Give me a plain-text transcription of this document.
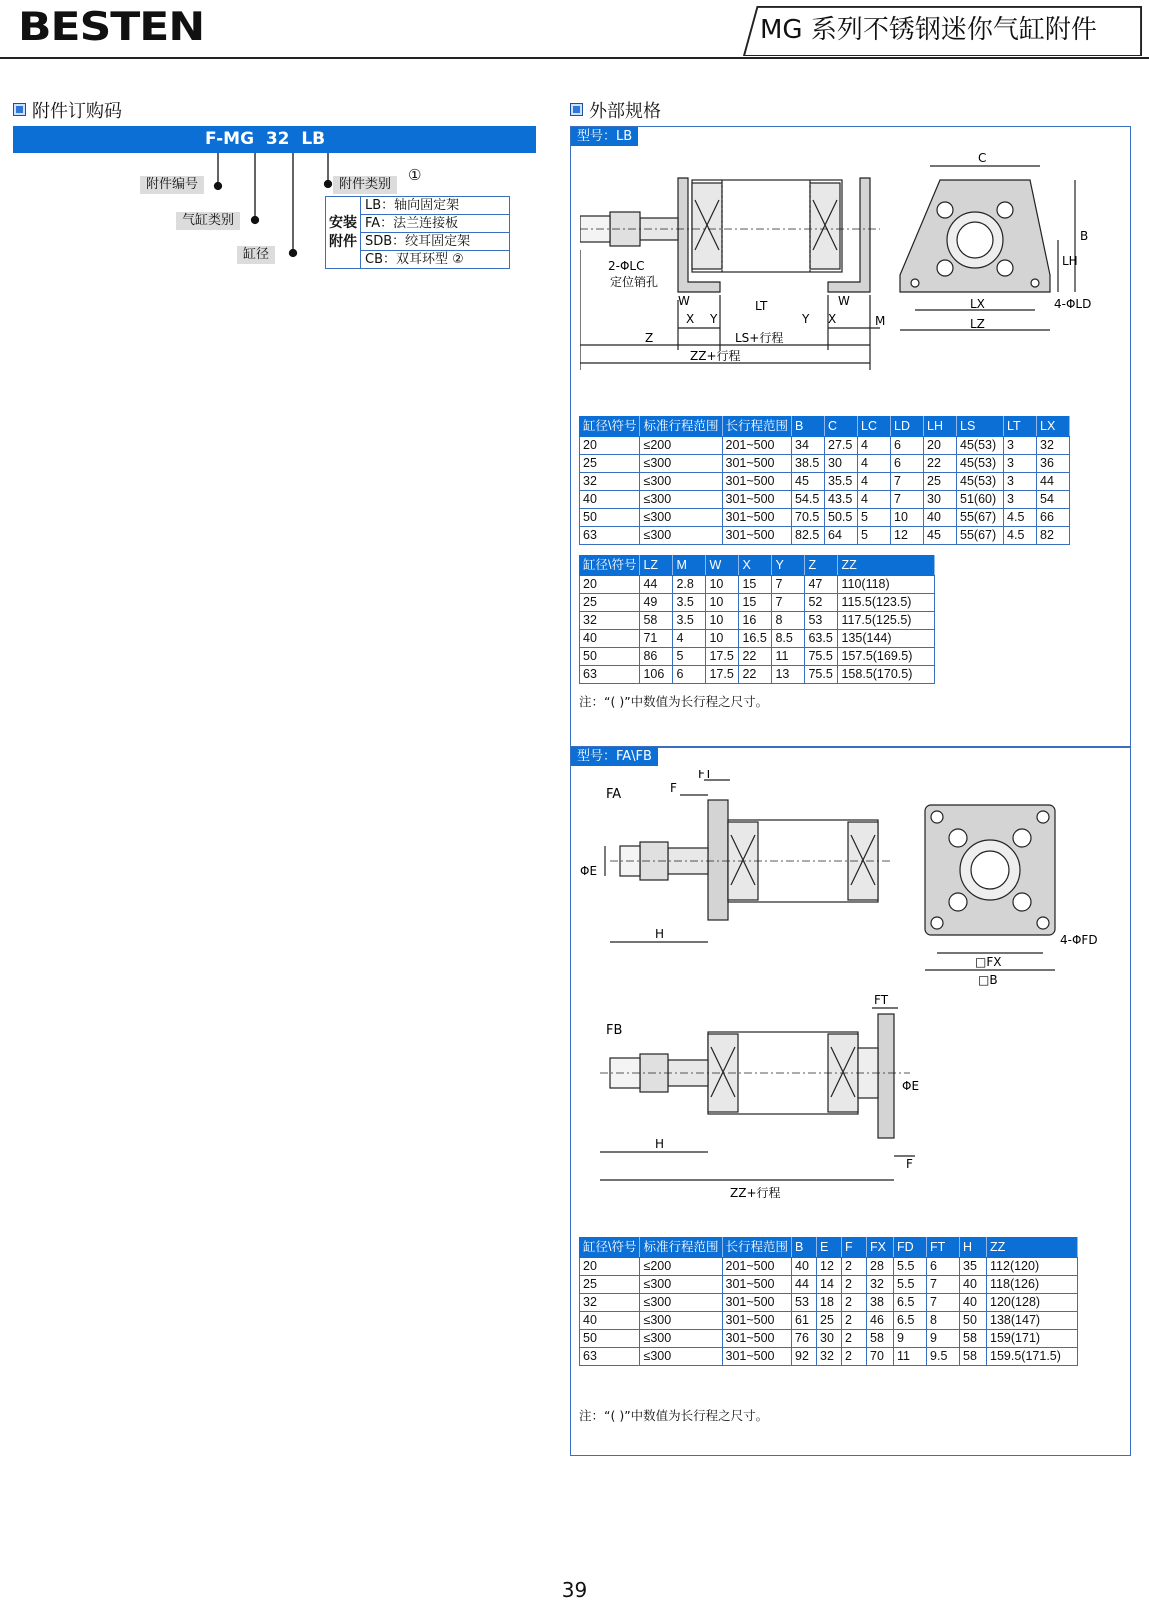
BESTEN	MG 系列不锈钢迷你气缸附件
附件订购码
F-MG  32  LB
附件编号
气缸类别
缸径
附件类别
①
安装
附件
	LB：轴向固定架
FA：法兰连接板
SDB：绞耳固定架
CB：双耳环型 ②
外部规格
型号：LB
C
B
LH
LX
LZ
4-ΦLD
2-ΦLC
定位销孔
W
X Y
LT	W
Y X	M
Z	LS+行程
ZZ+行程
缸径\符号	标准行程范围	长行程范围	B	C	LC	LD	LH	LS	LT	LX
20	≤200	201~500	34	27.5	4	6	20	45(53)	3	32
25	≤300	301~500	38.5	30	4	6	22	45(53)	3	36
32	≤300	301~500	45	35.5	4	7	25	45(53)	3	44
40	≤300	301~500	54.5	43.5	4	7	30	51(60)	3	54
50	≤300	301~500	70.5	50.5	5	10	40	55(67)	4.5	66
63	≤300	301~500	82.5	64	5	12	45	55(67)	4.5	82
缸径\符号	LZ	M	W	X	Y	Z	ZZ
20	44	2.8	10	15	7	47	110(118)
25	49	3.5	10	15	7	52	115.5(123.5)
32	58	3.5	10	16	8	53	117.5(125.5)
40	71	4	10	16.5	8.5	63.5	135(144)
50	86	5	17.5	22	11	75.5	157.5(169.5)
63	106	6	17.5	22	13	75.5	158.5(170.5)
注：“( )”中数值为长行程之尺寸。
型号：FA\FB
FA
FT
F
ΦE
H
□FX
□B
4-ΦFD
FB
FT
ΦE
F
H
ZZ+行程
缸径\符号	标准行程范围	长行程范围	B	E	F	FX	FD	FT	H	ZZ
20	≤200	201~500	40	12	2	28	5.5	6	35	112(120)
25	≤300	301~500	44	14	2	32	5.5	7	40	118(126)
32	≤300	301~500	53	18	2	38	6.5	7	40	120(128)
40	≤300	301~500	61	25	2	46	6.5	8	50	138(147)
50	≤300	301~500	76	30	2	58	9	9	58	159(171)
63	≤300	301~500	92	32	2	70	11	9.5	58	159.5(171.5)
注：“( )”中数值为长行程之尺寸。
39
